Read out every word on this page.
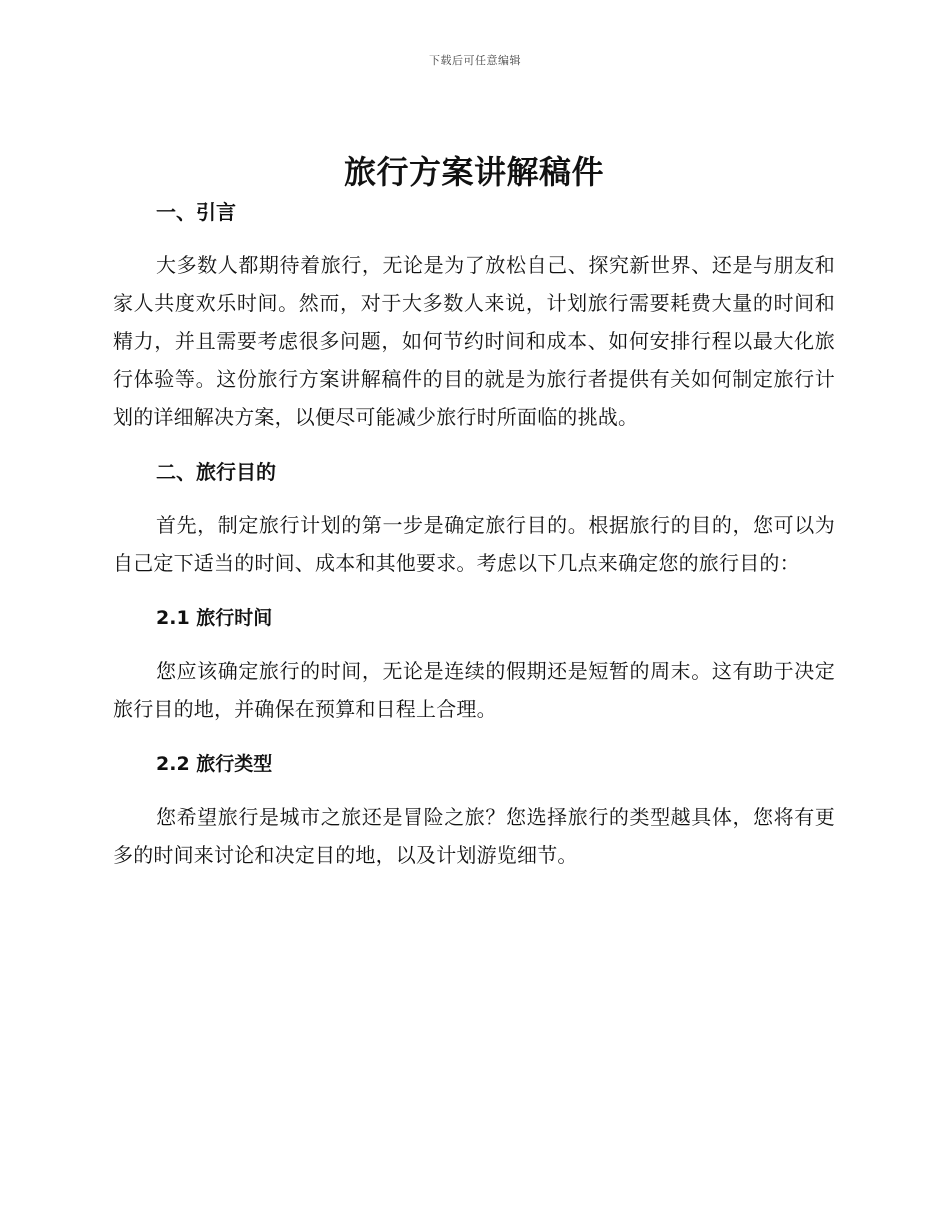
下载后可任意编辑
旅行方案讲解稿件
一、引言

大多数人都期待着旅行，无论是为了放松自己、探究新世界、还是与朋友和家人共度欢乐时间。然而，对于大多数人来说，计划旅行需要耗费大量的时间和精力，并且需要考虑很多问题，如何节约时间和成本、如何安排行程以最大化旅行体验等。这份旅行方案讲解稿件的目的就是为旅行者提供有关如何制定旅行计划的详细解决方案，以便尽可能减少旅行时所面临的挑战。

二、旅行目的

首先，制定旅行计划的第一步是确定旅行目的。根据旅行的目的，您可以为自己定下适当的时间、成本和其他要求。考虑以下几点来确定您的旅行目的：

2.1 旅行时间

您应该确定旅行的时间，无论是连续的假期还是短暂的周末。这有助于决定旅行目的地，并确保在预算和日程上合理。

2.2 旅行类型

您希望旅行是城市之旅还是冒险之旅？您选择旅行的类型越具体，您将有更多的时间来讨论和决定目的地，以及计划游览细节。
